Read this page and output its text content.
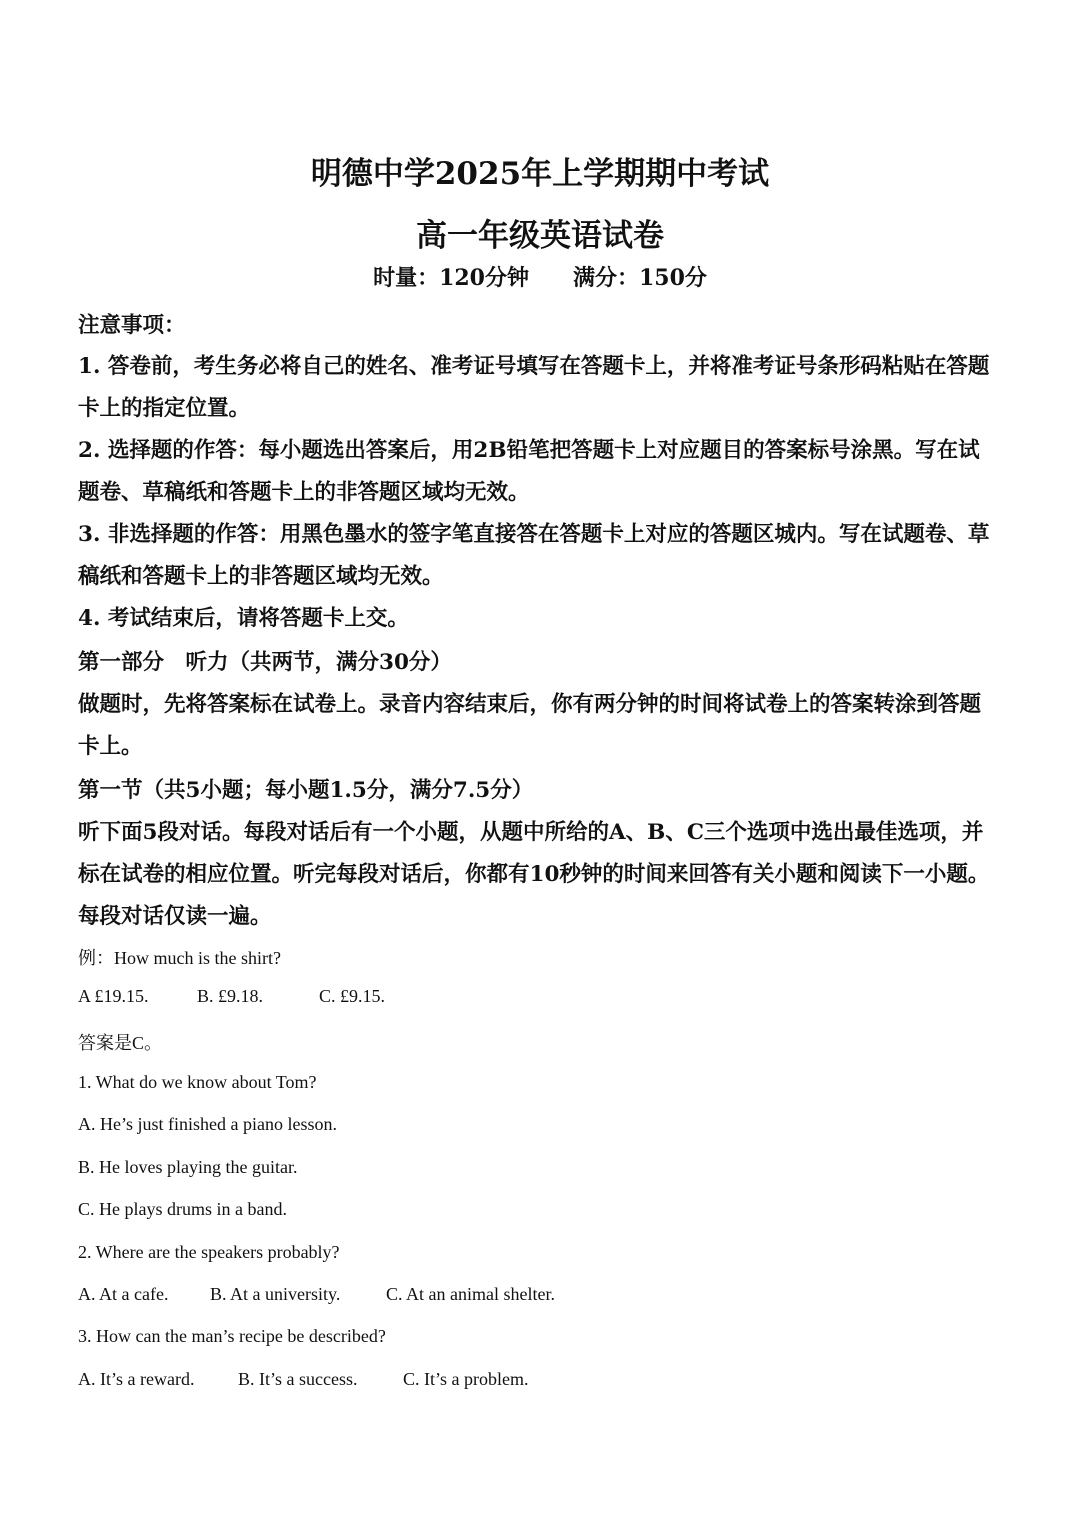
明德中学2025年上学期期中考试
高一年级英语试卷
时量：120分钟 满分：150分
注意事项：
1. 答卷前，考生务必将自己的姓名、准考证号填写在答题卡上，并将准考证号条形码粘贴在答题
卡上的指定位置。
2. 选择题的作答：每小题选出答案后，用2B铅笔把答题卡上对应题目的答案标号涂黑。写在试
题卷、草稿纸和答题卡上的非答题区域均无效。
3. 非选择题的作答：用黑色墨水的签字笔直接答在答题卡上对应的答题区城内。写在试题卷、草
稿纸和答题卡上的非答题区域均无效。
4. 考试结束后，请将答题卡上交。
第一部分　听力（共两节，满分30分）
做题时，先将答案标在试卷上。录音内容结束后，你有两分钟的时间将试卷上的答案转涂到答题
卡上。
第一节（共5小题；每小题1.5分，满分7.5分）
听下面5段对话。每段对话后有一个小题，从题中所给的A、B、C三个选项中选出最佳选项，并
标在试卷的相应位置。听完每段对话后，你都有10秒钟的时间来回答有关小题和阅读下一小题。
每段对话仅读一遍。
例：How much is the shirt?
A £19.15.	B. £9.18.	C. £9.15.
答案是C。
1. What do we know about Tom?
A. He’s just finished a piano lesson.
B. He loves playing the guitar.
C. He plays drums in a band.
2. Where are the speakers probably?
A. At a cafe. B. At a university.	C. At an animal shelter.
3. How can the man’s recipe be described?
A. It’s a reward. B. It’s a success.	C. It’s a problem.
